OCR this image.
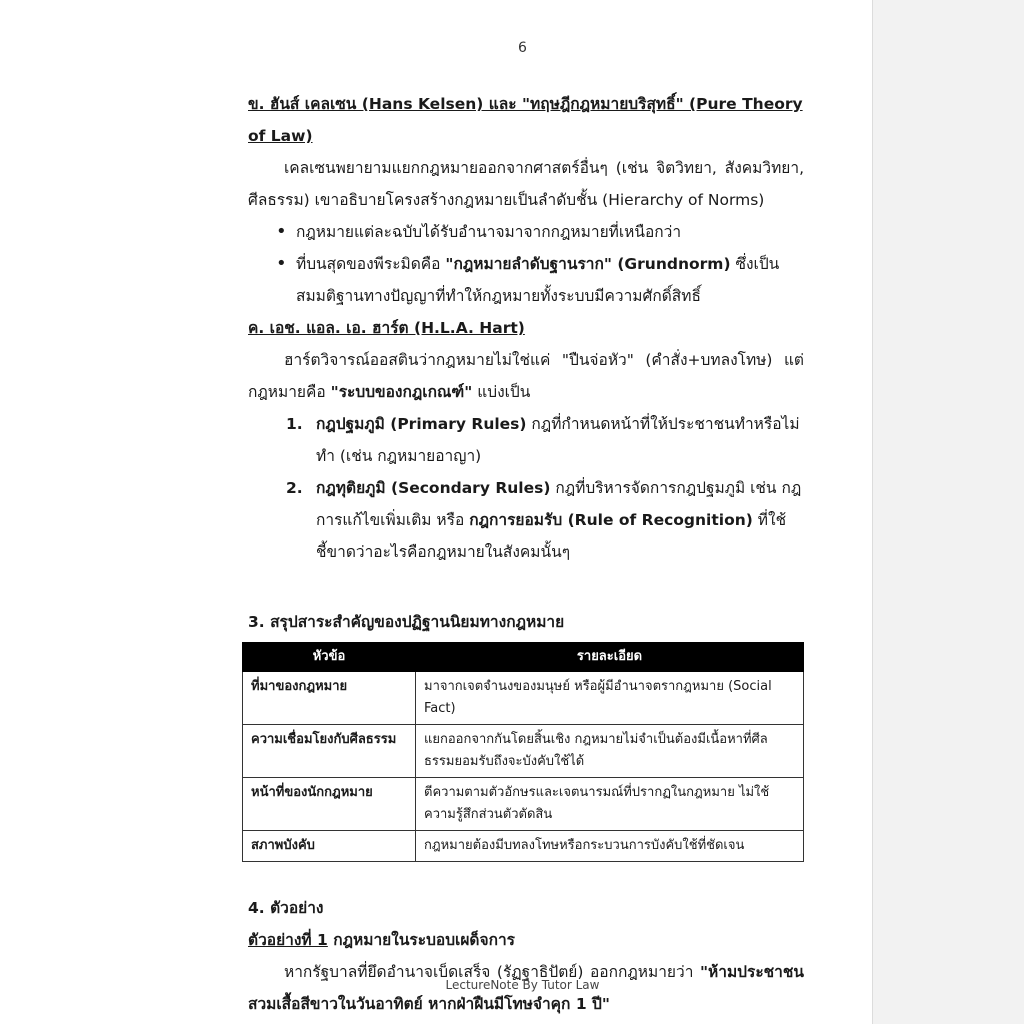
6

ข. ฮันส์ เคลเซน (Hans Kelsen) และ "ทฤษฎีกฎหมายบริสุทธิ์" (Pure Theory of Law)

เคลเซนพยายามแยกกฎหมายออกจากศาสตร์อื่นๆ (เช่น จิตวิทยา, สังคมวิทยา, ศีลธรรม) เขาอธิบายโครงสร้างกฎหมายเป็นลำดับชั้น (Hierarchy of Norms)

• กฎหมายแต่ละฉบับได้รับอำนาจมาจากกฎหมายที่เหนือกว่า
• ที่บนสุดของพีระมิดคือ "กฎหมายลำดับฐานราก" (Grundnorm) ซึ่งเป็นสมมติฐานทางปัญญาที่ทำให้กฎหมายทั้งระบบมีความศักดิ์สิทธิ์

ค. เอช. แอล. เอ. ฮาร์ต (H.L.A. Hart)

ฮาร์ตวิจารณ์ออสตินว่ากฎหมายไม่ใช่แค่ "ปืนจ่อหัว" (คำสั่ง+บทลงโทษ) แต่กฎหมายคือ "ระบบของกฎเกณฑ์" แบ่งเป็น

1. กฎปฐมภูมิ (Primary Rules) กฎที่กำหนดหน้าที่ให้ประชาชนทำหรือไม่ทำ (เช่น กฎหมายอาญา)
2. กฎทุติยภูมิ (Secondary Rules) กฎที่บริหารจัดการกฎปฐมภูมิ เช่น กฎการแก้ไขเพิ่มเติม หรือ กฎการยอมรับ (Rule of Recognition) ที่ใช้ชี้ขาดว่าอะไรคือกฎหมายในสังคมนั้นๆ

3. สรุปสาระสำคัญของปฏิฐานนิยมทางกฎหมาย

หัวข้อ	รายละเอียด
ที่มาของกฎหมาย	มาจากเจตจำนงของมนุษย์ หรือผู้มีอำนาจตรากฎหมาย (Social Fact)
ความเชื่อมโยงกับศีลธรรม	แยกออกจากกันโดยสิ้นเชิง กฎหมายไม่จำเป็นต้องมีเนื้อหาที่ศีลธรรมยอมรับถึงจะบังคับใช้ได้
หน้าที่ของนักกฎหมาย	ตีความตามตัวอักษรและเจตนารมณ์ที่ปรากฏในกฎหมาย ไม่ใช้ความรู้สึกส่วนตัวตัดสิน
สภาพบังคับ	กฎหมายต้องมีบทลงโทษหรือกระบวนการบังคับใช้ที่ชัดเจน

4. ตัวอย่าง

ตัวอย่างที่ 1 กฎหมายในระบอบเผด็จการ

หากรัฐบาลที่ยึดอำนาจเบ็ดเสร็จ (รัฏฐาธิปัตย์) ออกกฎหมายว่า "ห้ามประชาชนสวมเสื้อสีขาวในวันอาทิตย์ หากฝ่าฝืนมีโทษจำคุก 1 ปี"

LectureNote By Tutor Law
